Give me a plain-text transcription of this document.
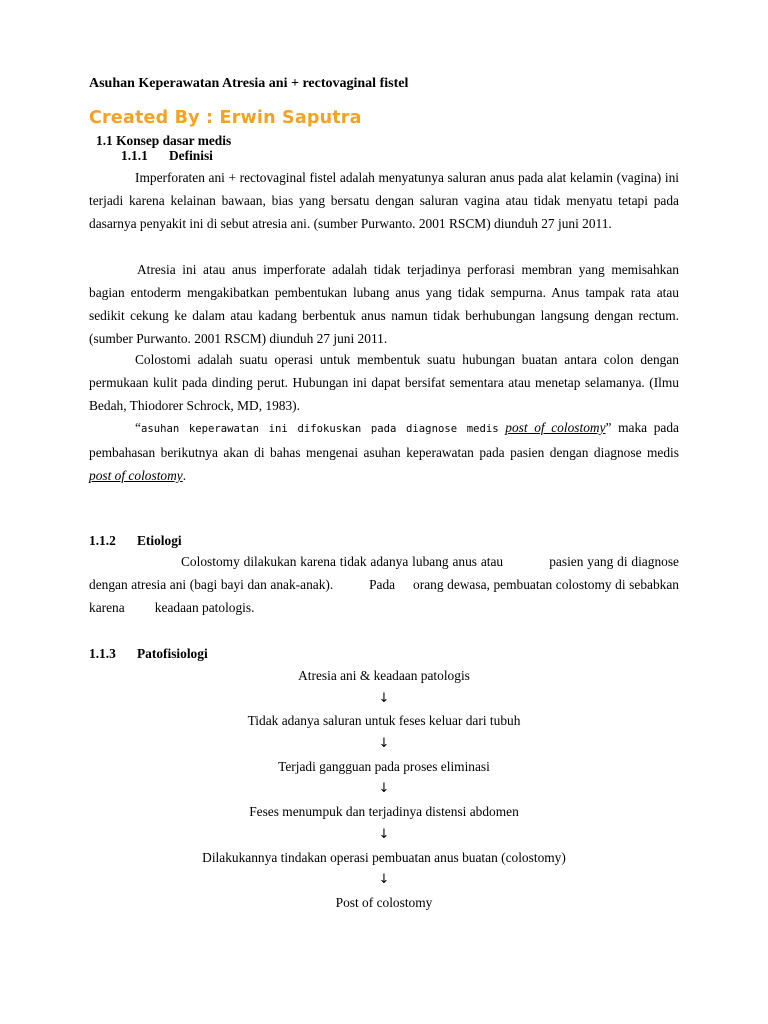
Asuhan Keperawatan Atresia ani + rectovaginal fistel
Created By : Erwin Saputra
1.1 Konsep dasar medis
1.1.1 Definisi
Imperforaten ani + rectovaginal fistel adalah menyatunya saluran anus pada alat kelamin (vagina) ini terjadi karena kelainan bawaan, bias yang bersatu dengan saluran vagina atau tidak menyatu tetapi pada dasarnya penyakit ini di sebut atresia ani. (sumber Purwanto. 2001 RSCM) diunduh 27 juni 2011.
Atresia ini atau anus imperforate adalah tidak terjadinya perforasi membran yang memisahkan bagian entoderm mengakibatkan pembentukan lubang anus yang tidak sempurna. Anus tampak rata atau sedikit cekung ke dalam atau kadang berbentuk anus namun tidak berhubungan langsung dengan rectum. (sumber Purwanto. 2001 RSCM) diunduh 27 juni 2011.
Colostomi adalah suatu operasi untuk membentuk suatu hubungan buatan antara colon dengan permukaan kulit pada dinding perut. Hubungan ini dapat bersifat sementara atau menetap selamanya. (Ilmu Bedah, Thiodorer Schrock, MD, 1983).
“asuhan keperawatan ini difokuskan pada diagnose medis post of colostomy” maka pada pembahasan berikutnya akan di bahas mengenai asuhan keperawatan pada pasien dengan diagnose medis post of colostomy.
1.1.2 Etiologi
Colostomy dilakukan karena tidak adanya lubang anus atau            pasien yang di diagnose dengan atresia ani (bagi bayi dan anak-anak).          Pada     orang dewasa, pembuatan colostomy di sebabkan karena         keadaan patologis.
1.1.3 Patofisiologi
Atresia ani & keadaan patologis
↓
Tidak adanya saluran untuk feses keluar dari tubuh
↓
Terjadi gangguan pada proses eliminasi
↓
Feses menumpuk dan terjadinya distensi abdomen
↓
Dilakukannya tindakan operasi pembuatan anus buatan (colostomy)
↓
Post of colostomy
